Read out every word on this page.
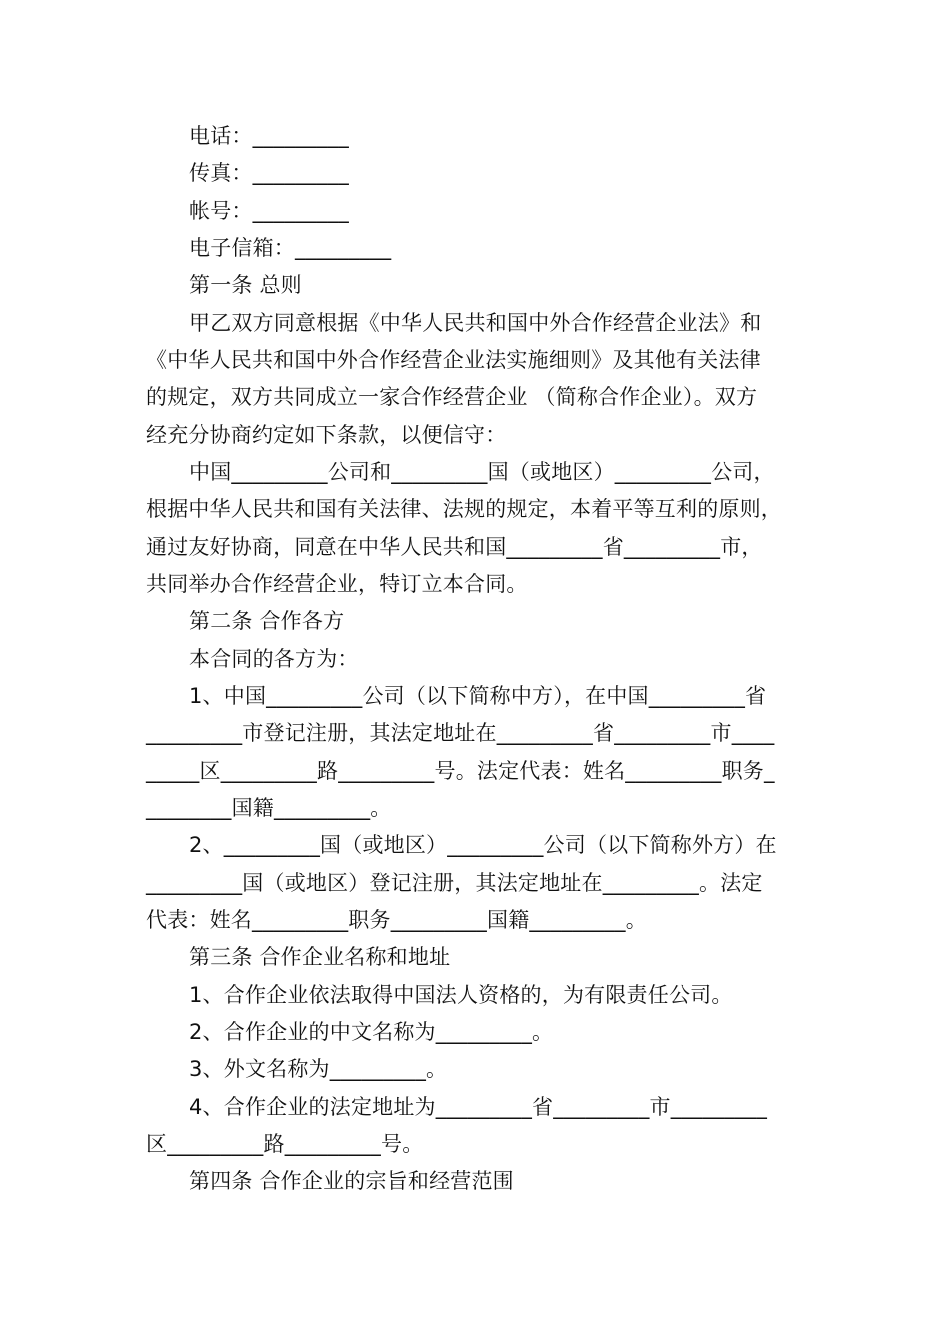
电话：_________
传真：_________
帐号：_________
电子信箱：_________
第一条 总则
甲乙双方同意根据《中华人民共和国中外合作经营企业法》和
《中华人民共和国中外合作经营企业法实施细则》及其他有关法律
的规定，双方共同成立一家合作经营企业 （简称合作企业）。双方
经充分协商约定如下条款，以便信守：
中国_________公司和_________国（或地区）_________公司，
根据中华人民共和国有关法律、法规的规定，本着平等互利的原则，
通过友好协商，同意在中华人民共和国_________省_________市，
共同举办合作经营企业，特订立本合同。
第二条 合作各方
本合同的各方为：
1、中国_________公司（以下简称中方），在中国_________省
_________市登记注册，其法定地址在_________省_________市____
_____区_________路_________号。法定代表：姓名_________职务_
________国籍_________。
2、_________国（或地区）_________公司（以下简称外方）在
_________国（或地区）登记注册，其法定地址在_________。法定
代表：姓名_________职务_________国籍_________。
第三条 合作企业名称和地址
1、合作企业依法取得中国法人资格的，为有限责任公司。
2、合作企业的中文名称为_________。
3、外文名称为_________。
4、合作企业的法定地址为_________省_________市_________
区_________路_________号。
第四条 合作企业的宗旨和经营范围
